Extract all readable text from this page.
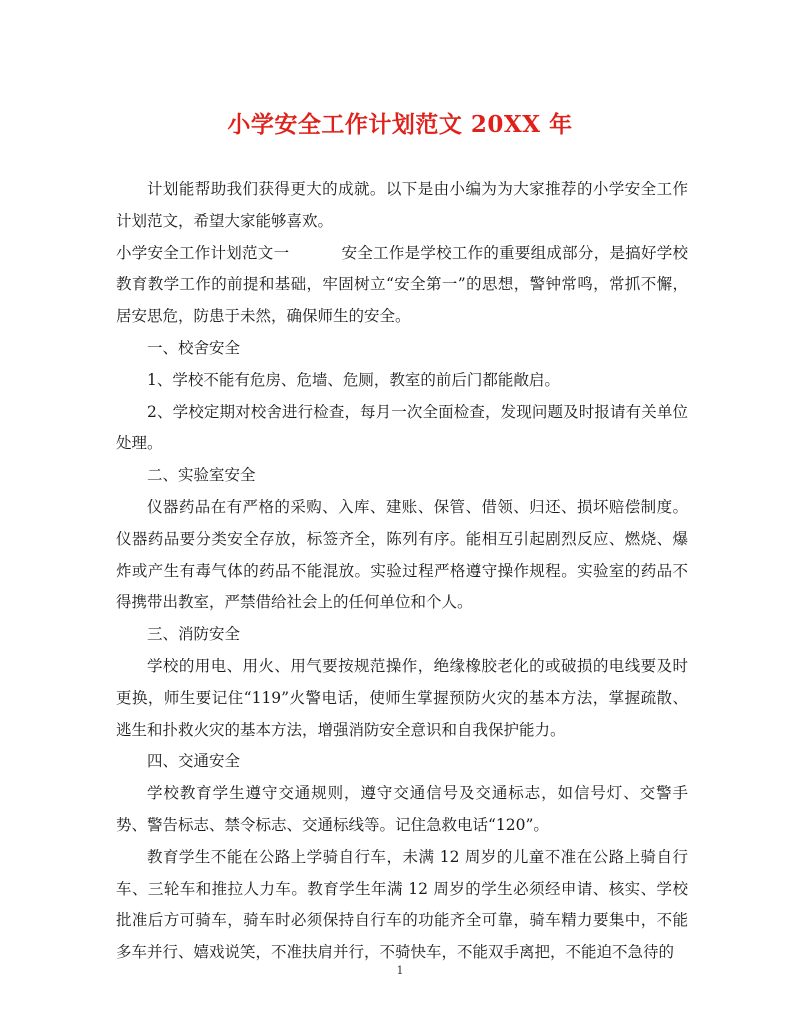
小学安全工作计划范文 20XX 年

计划能帮助我们获得更大的成就。以下是由小编为为大家推荐的小学安全工作计划范文，希望大家能够喜欢。

小学安全工作计划范文一	安全工作是学校工作的重要组成部分，是搞好学校教育教学工作的前提和基础，牢固树立“安全第一”的思想，警钟常鸣，常抓不懈，居安思危，防患于未然，确保师生的安全。

一、校舍安全

1、学校不能有危房、危墙、危厕，教室的前后门都能敞启。

2、学校定期对校舍进行检查，每月一次全面检查，发现问题及时报请有关单位处理。

二、实验室安全

仪器药品在有严格的采购、入库、建账、保管、借领、归还、损坏赔偿制度。仪器药品要分类安全存放，标签齐全，陈列有序。能相互引起剧烈反应、燃烧、爆炸或产生有毒气体的药品不能混放。实验过程严格遵守操作规程。实验室的药品不得携带出教室，严禁借给社会上的任何单位和个人。

三、消防安全

学校的用电、用火、用气要按规范操作，绝缘橡胶老化的或破损的电线要及时更换，师生要记住“119”火警电话，使师生掌握预防火灾的基本方法，掌握疏散、逃生和扑救火灾的基本方法，增强消防安全意识和自我保护能力。

四、交通安全

学校教育学生遵守交通规则，遵守交通信号及交通标志，如信号灯、交警手势、警告标志、禁令标志、交通标线等。记住急救电话“120”。

教育学生不能在公路上学骑自行车，未满 12 周岁的儿童不准在公路上骑自行车、三轮车和推拉人力车。教育学生年满 12 周岁的学生必须经申请、核实、学校批准后方可骑车，骑车时必须保持自行车的功能齐全可靠，骑车精力要集中，不能多车并行、嬉戏说笑，不准扶肩并行，不骑快车，不能双手离把，不能迫不急待的

1
